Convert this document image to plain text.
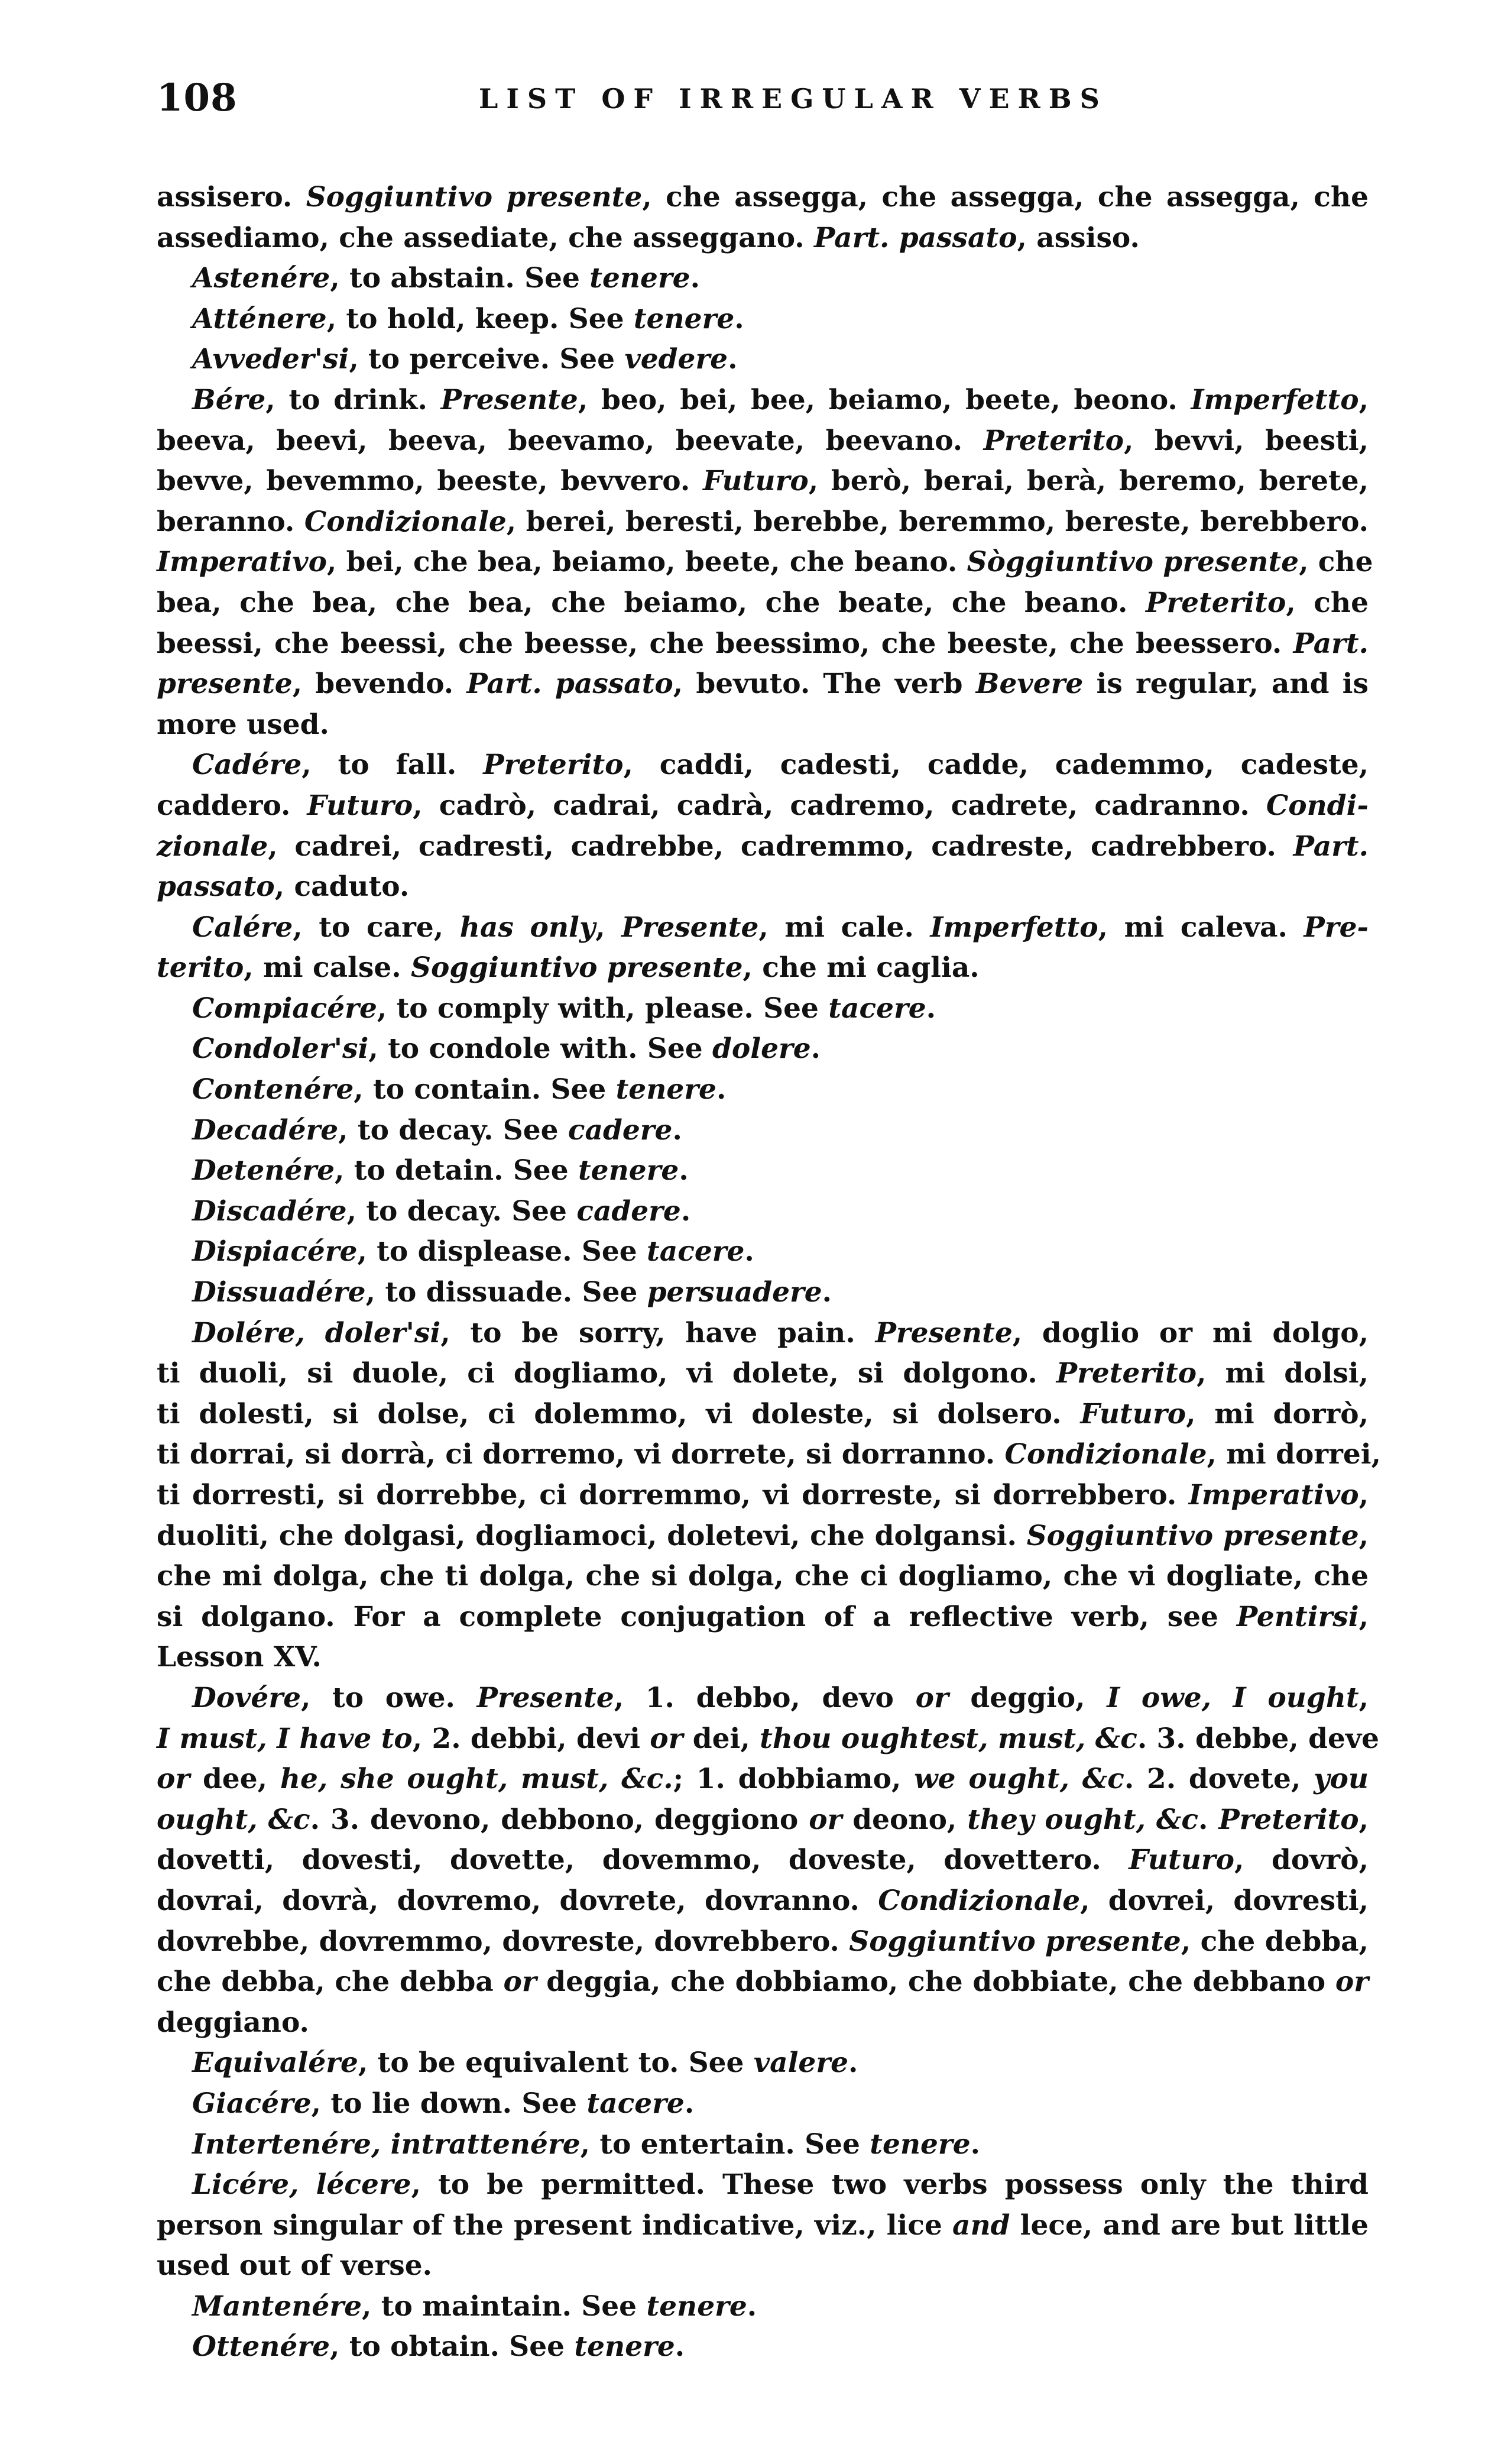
108	LIST OF IRREGULAR VERBS
assisero. Soggiuntivo presente, che assegga, che assegga, che assegga, che
assediamo, che assediate, che asseggano. Part. passato, assiso.
Astenére, to abstain. See tenere.
Atténere, to hold, keep. See tenere.
Avveder'si, to perceive. See vedere.
Bére, to drink. Presente, beo, bei, bee, beiamo, beete, beono. Imperfetto,
beeva, beevi, beeva, beevamo, beevate, beevano. Preterito, bevvi, beesti,
bevve, bevemmo, beeste, bevvero. Futuro, berò, berai, berà, beremo, berete,
beranno. Condizionale, berei, beresti, berebbe, beremmo, bereste, berebbero.
Imperativo, bei, che bea, beiamo, beete, che beano. Sòggiuntivo presente, che
bea, che bea, che bea, che beiamo, che beate, che beano. Preterito, che
beessi, che beessi, che beesse, che beessimo, che beeste, che beessero. Part.
presente, bevendo. Part. passato, bevuto. The verb Bevere is regular, and is
more used.
Cadére, to fall. Preterito, caddi, cadesti, cadde, cademmo, cadeste,
caddero. Futuro, cadrò, cadrai, cadrà, cadremo, cadrete, cadranno. Condi-
zionale, cadrei, cadresti, cadrebbe, cadremmo, cadreste, cadrebbero. Part.
passato, caduto.
Calére, to care, has only, Presente, mi cale. Imperfetto, mi caleva. Pre-
terito, mi calse. Soggiuntivo presente, che mi caglia.
Compiacére, to comply with, please. See tacere.
Condoler'si, to condole with. See dolere.
Contenére, to contain. See tenere.
Decadére, to decay. See cadere.
Detenére, to detain. See tenere.
Discadére, to decay. See cadere.
Dispiacére, to displease. See tacere.
Dissuadére, to dissuade. See persuadere.
Dolére, doler'si, to be sorry, have pain. Presente, doglio or mi dolgo,
ti duoli, si duole, ci dogliamo, vi dolete, si dolgono. Preterito, mi dolsi,
ti dolesti, si dolse, ci dolemmo, vi doleste, si dolsero. Futuro, mi dorrò,
ti dorrai, si dorrà, ci dorremo, vi dorrete, si dorranno. Condizionale, mi dorrei,
ti dorresti, si dorrebbe, ci dorremmo, vi dorreste, si dorrebbero. Imperativo,
duoliti, che dolgasi, dogliamoci, doletevi, che dolgansi. Soggiuntivo presente,
che mi dolga, che ti dolga, che si dolga, che ci dogliamo, che vi dogliate, che
si dolgano. For a complete conjugation of a reflective verb, see Pentirsi,
Lesson XV.
Dovére, to owe. Presente, 1. debbo, devo or deggio, I owe, I ought,
I must, I have to, 2. debbi, devi or dei, thou oughtest, must, &c. 3. debbe, deve
or dee, he, she ought, must, &c.; 1. dobbiamo, we ought, &c. 2. dovete, you
ought, &c. 3. devono, debbono, deggiono or deono, they ought, &c. Preterito,
dovetti, dovesti, dovette, dovemmo, doveste, dovettero. Futuro, dovrò,
dovrai, dovrà, dovremo, dovrete, dovranno. Condizionale, dovrei, dovresti,
dovrebbe, dovremmo, dovreste, dovrebbero. Soggiuntivo presente, che debba,
che debba, che debba or deggia, che dobbiamo, che dobbiate, che debbano or
deggiano.
Equivalére, to be equivalent to. See valere.
Giacére, to lie down. See tacere.
Intertenére, intrattenére, to entertain. See tenere.
Licére, lécere, to be permitted. These two verbs possess only the third
person singular of the present indicative, viz., lice and lece, and are but little
used out of verse.
Mantenére, to maintain. See tenere.
Ottenére, to obtain. See tenere.
